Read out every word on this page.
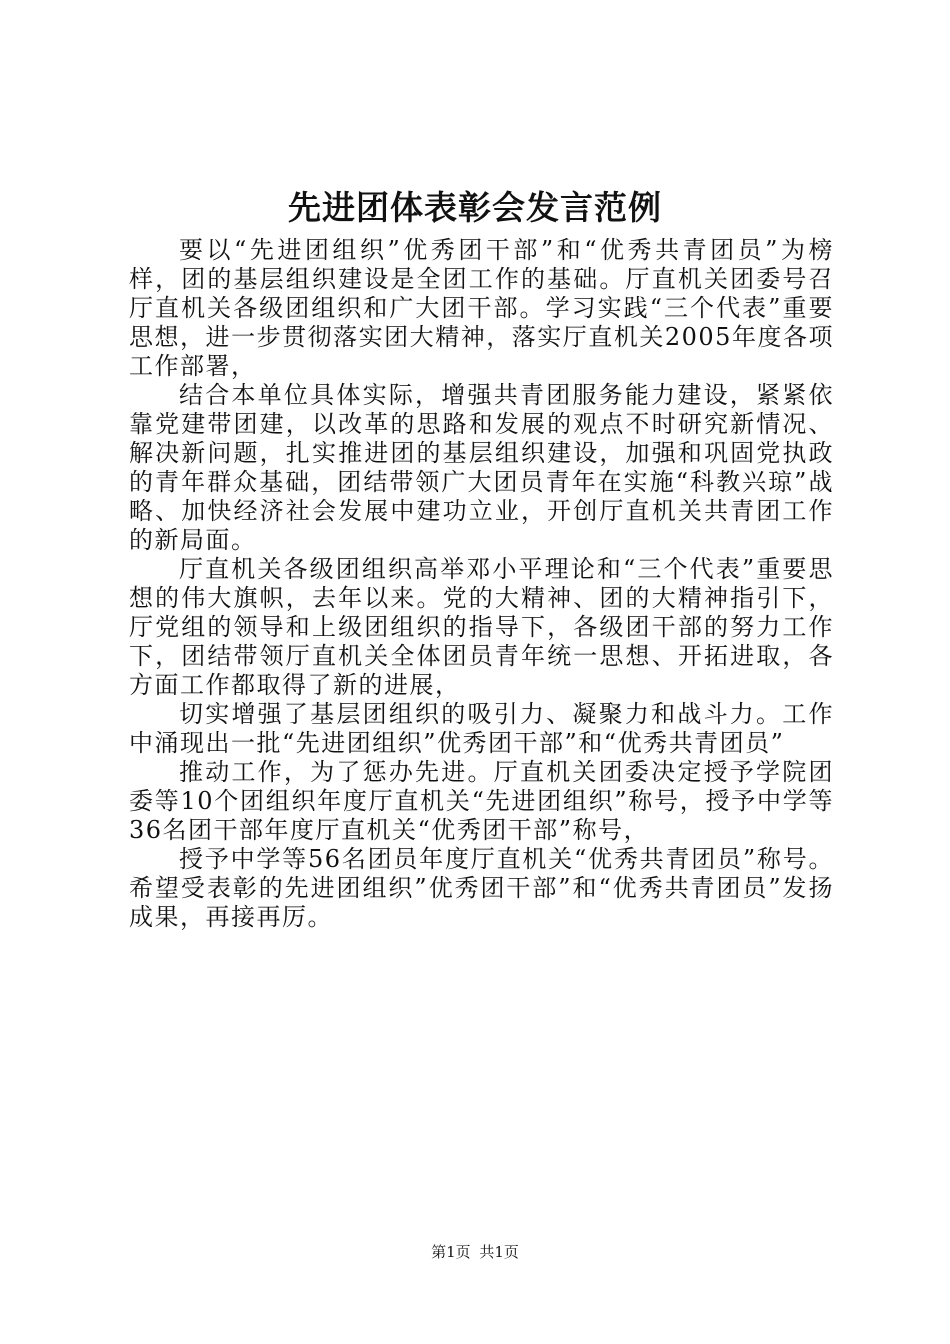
先进团体表彰会发言范例

要以“先进团组织”优秀团干部”和“优秀共青团员”为榜样，团的基层组织建设是全团工作的基础。厅直机关团委号召厅直机关各级团组织和广大团干部。学习实践“三个代表”重要思想，进一步贯彻落实团大精神，落实厅直机关2005年度各项工作部署，

结合本单位具体实际，增强共青团服务能力建设，紧紧依靠党建带团建，以改革的思路和发展的观点不时研究新情况、解决新问题，扎实推进团的基层组织建设，加强和巩固党执政的青年群众基础，团结带领广大团员青年在实施“科教兴琼”战略、加快经济社会发展中建功立业，开创厅直机关共青团工作的新局面。

厅直机关各级团组织高举邓小平理论和“三个代表”重要思想的伟大旗帜，去年以来。党的大精神、团的大精神指引下，厅党组的领导和上级团组织的指导下，各级团干部的努力工作下，团结带领厅直机关全体团员青年统一思想、开拓进取，各方面工作都取得了新的进展，

切实增强了基层团组织的吸引力、凝聚力和战斗力。工作中涌现出一批“先进团组织”优秀团干部”和“优秀共青团员”

推动工作，为了惩办先进。厅直机关团委决定授予学院团委等10个团组织年度厅直机关“先进团组织”称号，授予中学等36名团干部年度厅直机关“优秀团干部”称号，

授予中学等56名团员年度厅直机关“优秀共青团员”称号。希望受表彰的先进团组织”优秀团干部”和“优秀共青团员”发扬成果，再接再厉。

第1页 共1页
